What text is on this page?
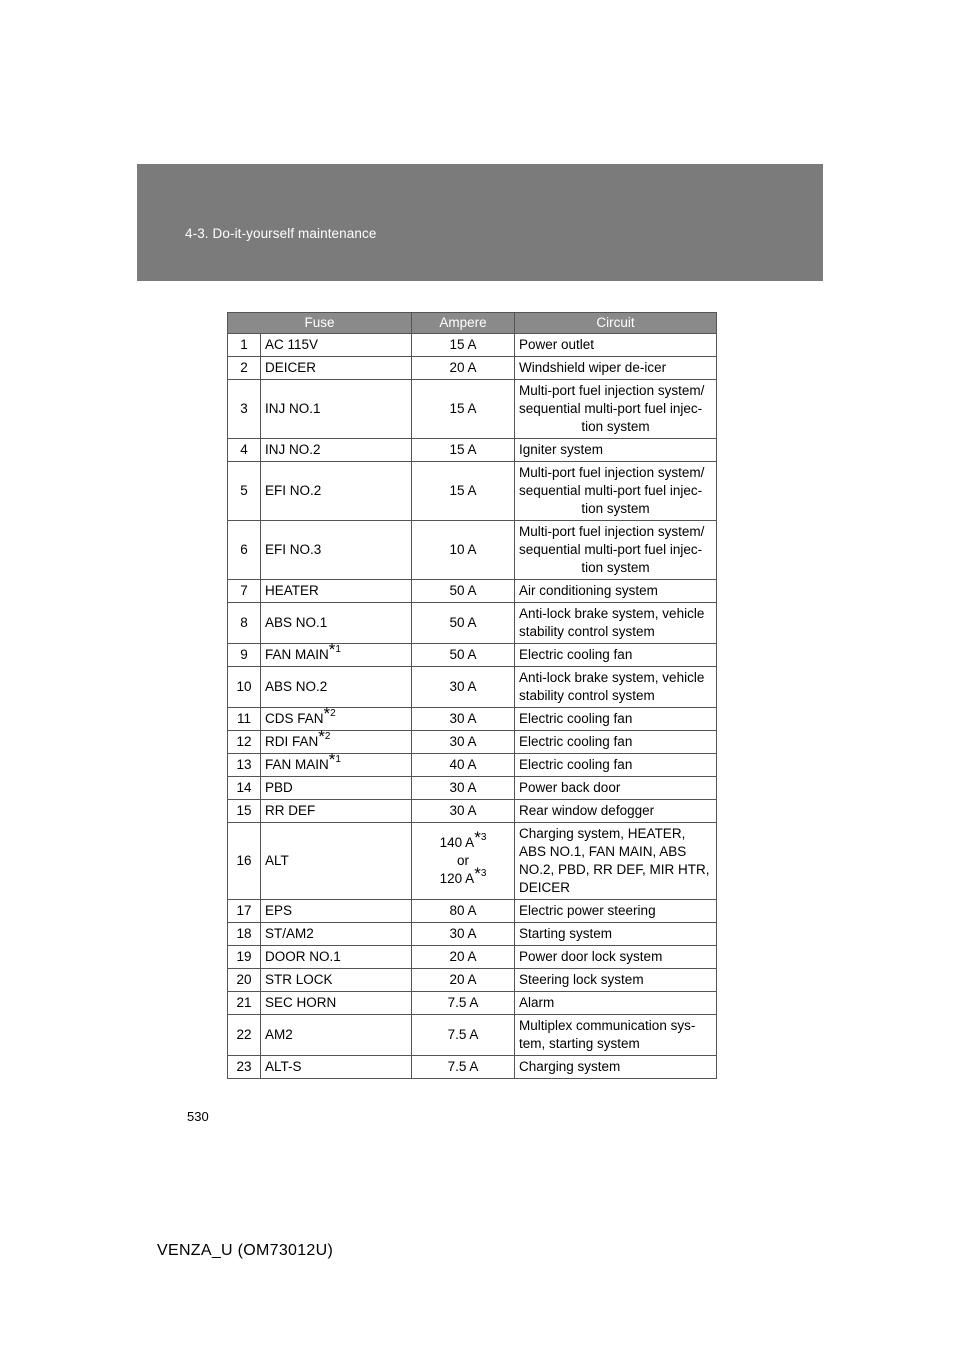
4-3. Do-it-yourself maintenance
Fuse		Ampere	Circuit
1	AC 115V	15 A	Power outlet

2	DEICER	20 A	Windshield wiper de-icer

3	INJ NO.1	15 A	Multi-port fuel injection system/
sequential multi-port fuel injec-
tion system

4	INJ NO.2	15 A	Igniter system

5	EFI NO.2	15 A	Multi-port fuel injection system/
sequential multi-port fuel injec-
tion system

6	EFI NO.3	10 A	Multi-port fuel injection system/
sequential multi-port fuel injec-
tion system

7	HEATER	50 A	Air conditioning system

8	ABS NO.1	50 A	Anti-lock brake system, vehicle
stability control system

9	FAN MAIN$^{*1}$	50 A	Electric cooling fan

10	ABS NO.2	30 A	Anti-lock brake system, vehicle
stability control system

11	CDS FAN$^{*2}$	30 A	Electric cooling fan

12	RDI FAN$^{*2}$	30 A	Electric cooling fan

13	FAN MAIN$^{*1}$	40 A	Electric cooling fan

14	PBD	30 A	Power back door

15	RR DEF	30 A	Rear window defogger

16	ALT	140 $A^{*3}$
or
120 $A^{*3}$	Charging system, HEATER,
ABS NO.1, FAN MAIN, ABS
NO.2, PBD, RR DEF, MIR HTR,
DEICER

17	EPS	80 A	Electric power steering

18	ST/AM2	30 A	Starting system

19	DOOR NO.1	20 A	Power door lock system

20	STR LOCK	20 A	Steering lock system

21	SEC HORN	7.5 A	Alarm

22	AM2	7.5 A	Multiplex communication sys-
tem, starting system

23	ALT-S	7.5 A	Charging system
530
VENZA_U (OM73012U)
